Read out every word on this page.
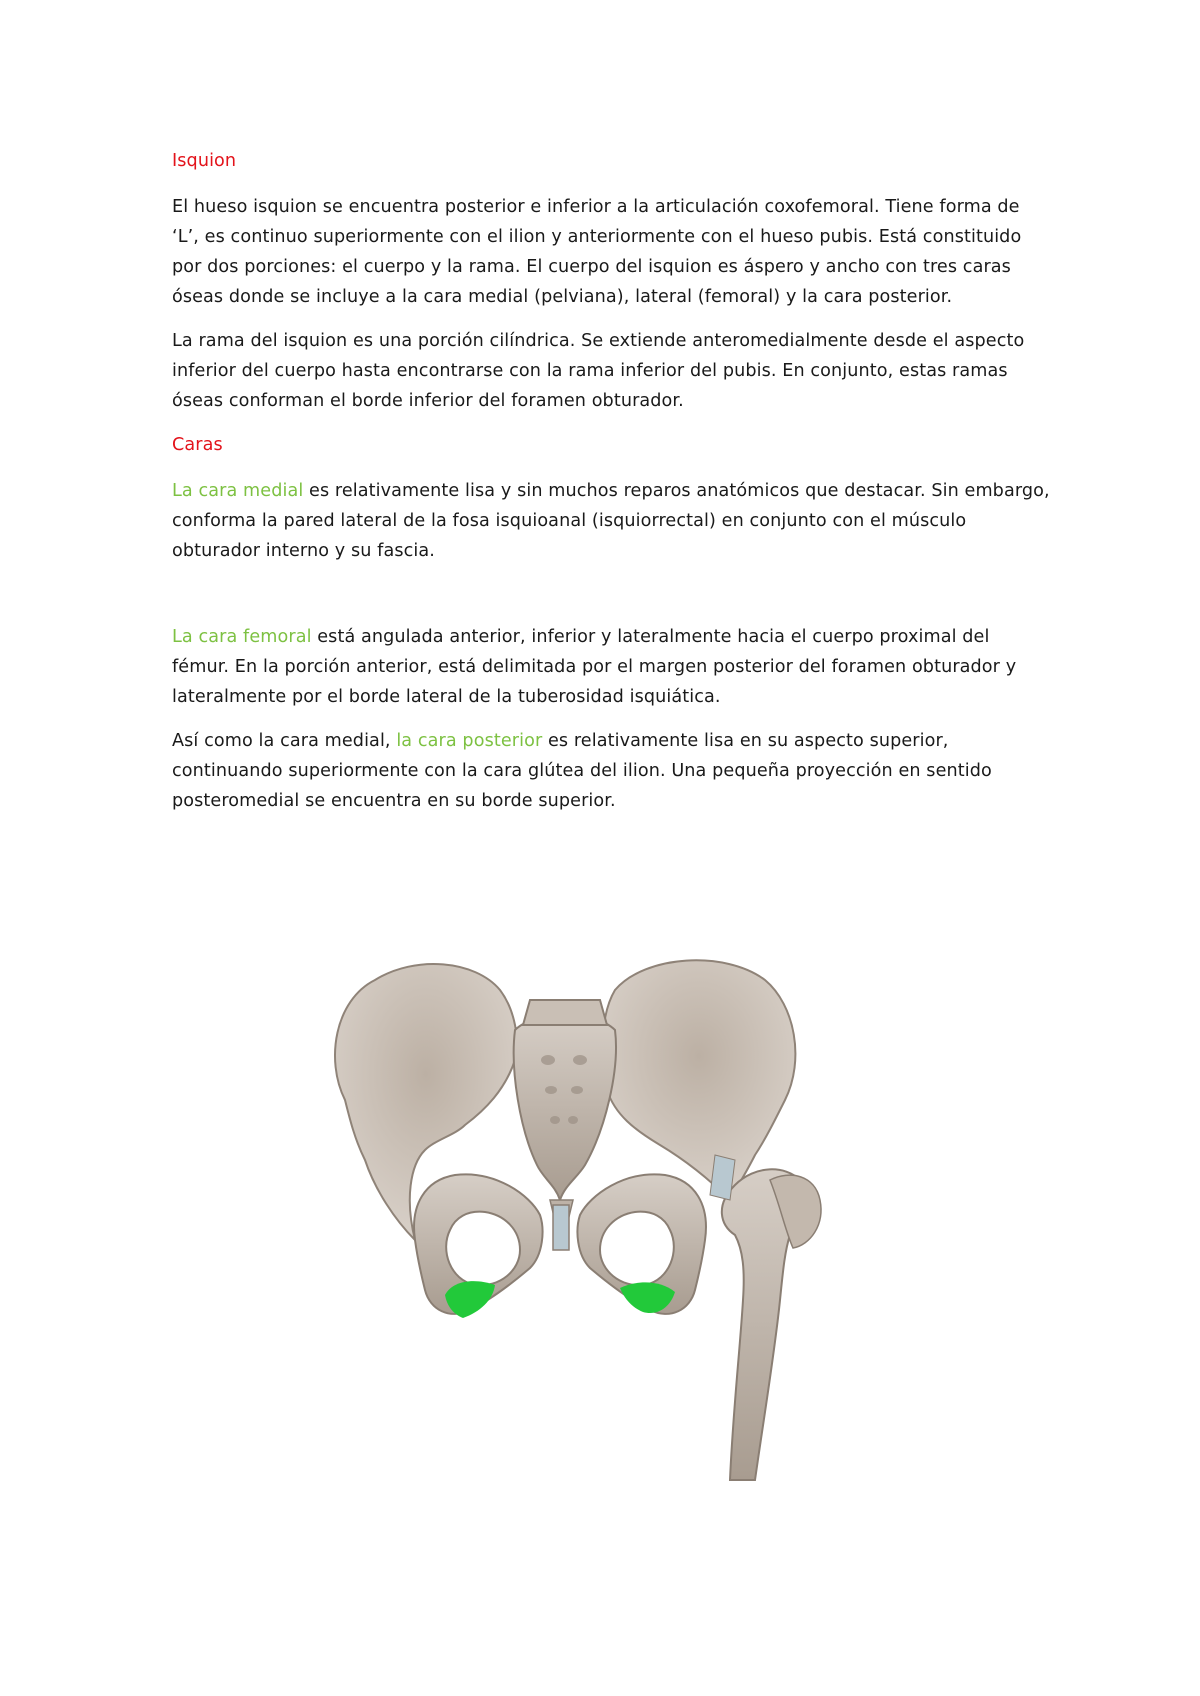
Isquion

El hueso isquion se encuentra posterior e inferior a la articulación coxofemoral. Tiene forma de ‘L’, es continuo superiormente con el ilion y anteriormente con el hueso pubis. Está constituido por dos porciones: el cuerpo y la rama. El cuerpo del isquion es áspero y ancho con tres caras óseas donde se incluye a la cara medial (pelviana), lateral (femoral) y la cara posterior.

La rama del isquion es una porción cilíndrica. Se extiende anteromedialmente desde el aspecto inferior del cuerpo hasta encontrarse con la rama inferior del pubis. En conjunto, estas ramas óseas conforman el borde inferior del foramen obturador.

Caras

La cara medial es relativamente lisa y sin muchos reparos anatómicos que destacar. Sin embargo, conforma la pared lateral de la fosa isquioanal (isquiorrectal) en conjunto con el músculo obturador interno y su fascia.

La cara femoral está angulada anterior, inferior y lateralmente hacia el cuerpo proximal del fémur. En la porción anterior, está delimitada por el margen posterior del foramen obturador y lateralmente por el borde lateral de la tuberosidad isquiática.

Así como la cara medial, la cara posterior es relativamente lisa en su aspecto superior, continuando superiormente con la cara glútea del ilion. Una pequeña proyección en sentido posteromedial se encuentra en su borde superior.
